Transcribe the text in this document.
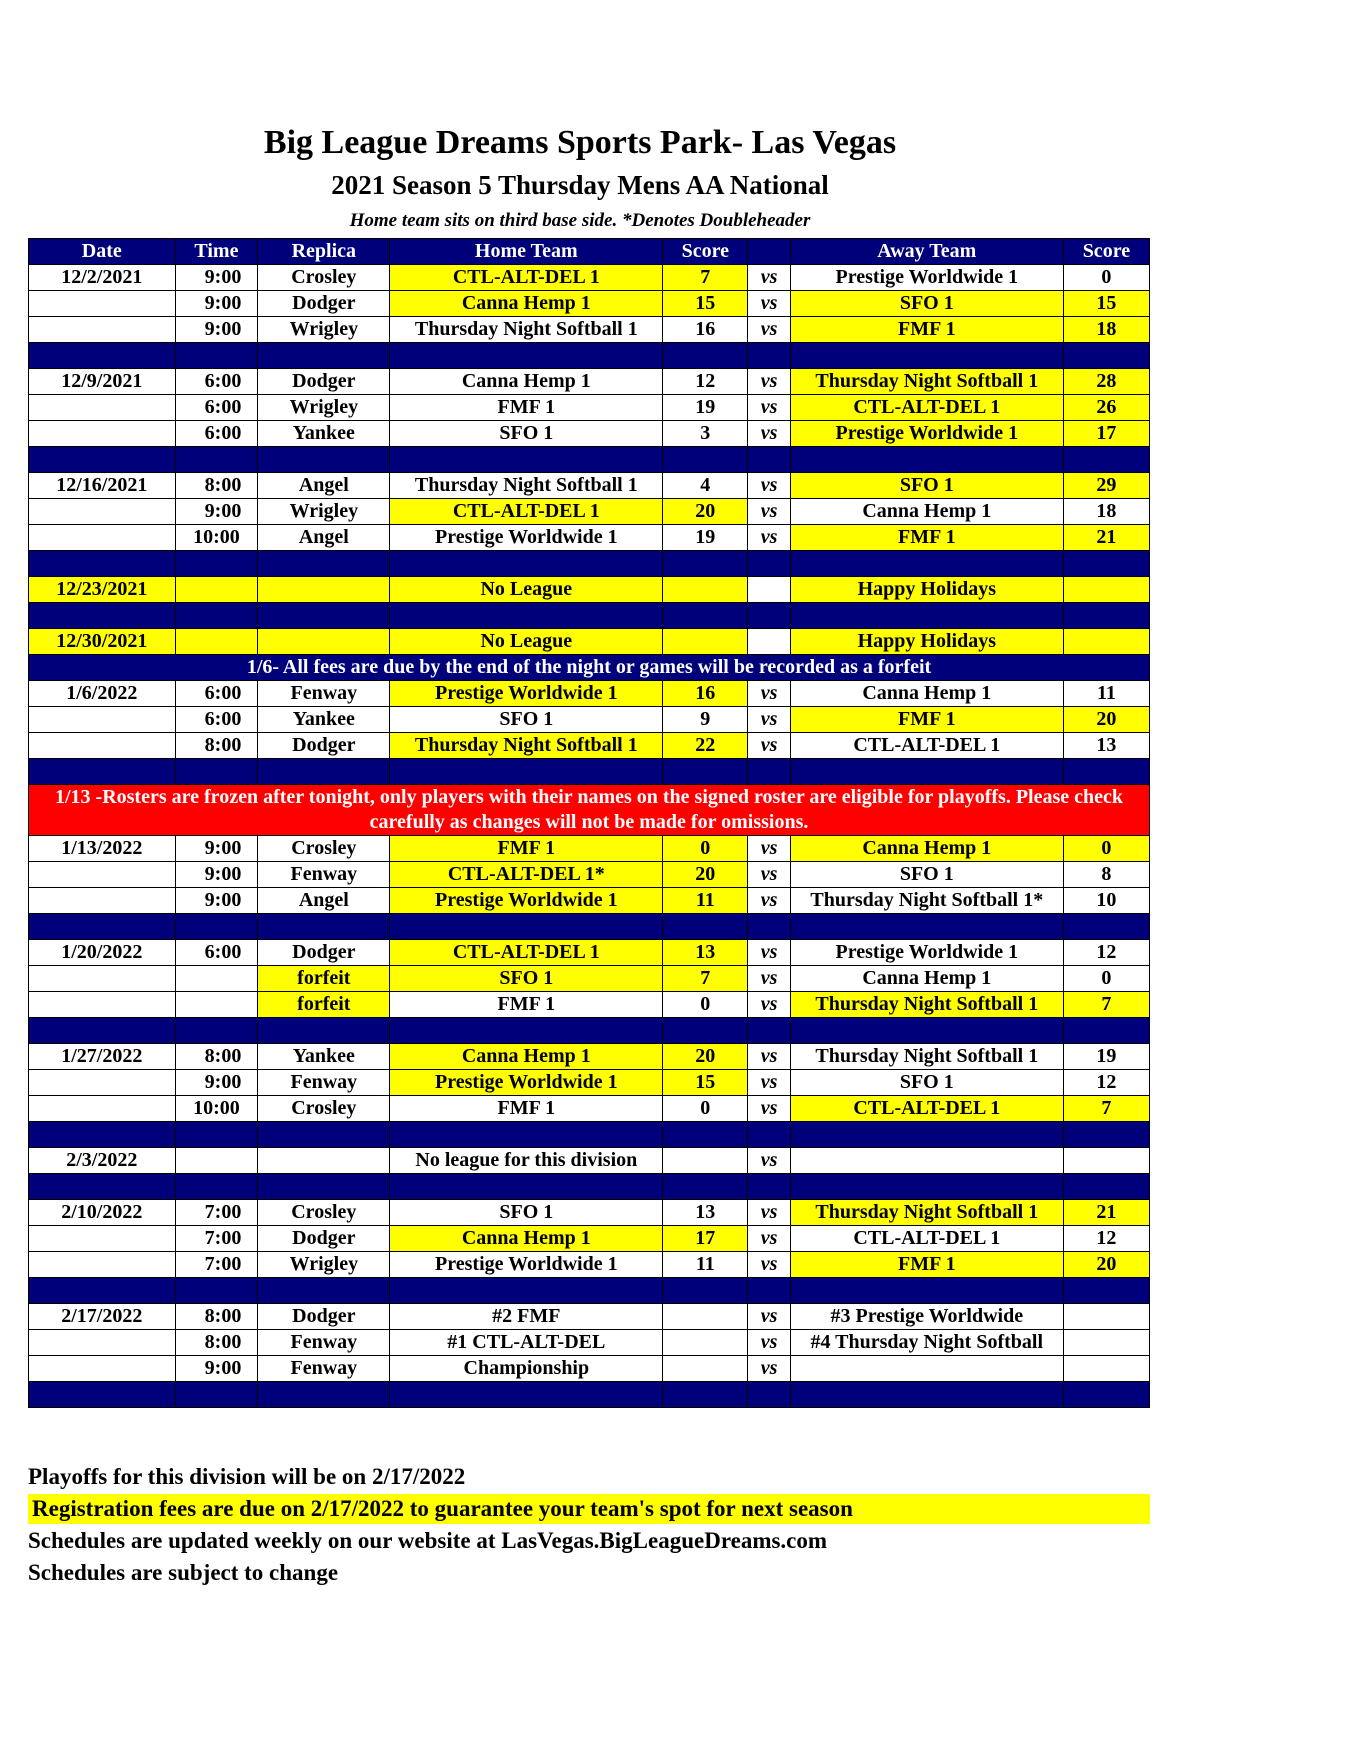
Big League Dreams Sports Park- Las Vegas
2021 Season 5 Thursday Mens AA National
Home team sits on third base side. *Denotes Doubleheader
Date	Time	Replica	Home Team	Score		Away Team	Score
12/2/2021	9:00	Crosley	CTL-ALT-DEL 1	7	vs	Prestige Worldwide 1	0
	9:00	Dodger	Canna Hemp 1	15	vs	SFO 1	15
	9:00	Wrigley	Thursday Night Softball 1	16	vs	FMF 1	18

12/9/2021	6:00	Dodger	Canna Hemp 1	12	vs	Thursday Night Softball 1	28
	6:00	Wrigley	FMF 1	19	vs	CTL-ALT-DEL 1	26
	6:00	Yankee	SFO 1	3	vs	Prestige Worldwide 1	17

12/16/2021	8:00	Angel	Thursday Night Softball 1	4	vs	SFO 1	29
	9:00	Wrigley	CTL-ALT-DEL 1	20	vs	Canna Hemp 1	18
	10:00	Angel	Prestige Worldwide 1	19	vs	FMF 1	21

12/23/2021			No League			Happy Holidays	

12/30/2021			No League			Happy Holidays	
1/6- All fees are due by the end of the night or games will be recorded as a forfeit							
1/6/2022	6:00	Fenway	Prestige Worldwide 1	16	vs	Canna Hemp 1	11
	6:00	Yankee	SFO 1	9	vs	FMF 1	20
	8:00	Dodger	Thursday Night Softball 1	22	vs	CTL-ALT-DEL 1	13

1/13 -Rosters are frozen after tonight, only players with their names on the signed roster are eligible for playoffs. Please check carefully as changes will not be made for omissions.							
1/13/2022	9:00	Crosley	FMF 1	0	vs	Canna Hemp 1	0
	9:00	Fenway	CTL-ALT-DEL 1*	20	vs	SFO 1	8
	9:00	Angel	Prestige Worldwide 1	11	vs	Thursday Night Softball 1*	10

1/20/2022	6:00	Dodger	CTL-ALT-DEL 1	13	vs	Prestige Worldwide 1	12
		forfeit	SFO 1	7	vs	Canna Hemp 1	0
		forfeit	FMF 1	0	vs	Thursday Night Softball 1	7

1/27/2022	8:00	Yankee	Canna Hemp 1	20	vs	Thursday Night Softball 1	19
	9:00	Fenway	Prestige Worldwide 1	15	vs	SFO 1	12
	10:00	Crosley	FMF 1	0	vs	CTL-ALT-DEL 1	7

2/3/2022			No league for this division		vs		

2/10/2022	7:00	Crosley	SFO 1	13	vs	Thursday Night Softball 1	21
	7:00	Dodger	Canna Hemp 1	17	vs	CTL-ALT-DEL 1	12
	7:00	Wrigley	Prestige Worldwide 1	11	vs	FMF 1	20

2/17/2022	8:00	Dodger	#2 FMF		vs	#3 Prestige Worldwide	
	8:00	Fenway	#1 CTL-ALT-DEL		vs	#4 Thursday Night Softball	
	9:00	Fenway	Championship		vs		

Playoffs for this division will be on 2/17/2022
Registration fees are due on 2/17/2022 to guarantee your team's spot for next season
Schedules are updated weekly on our website at LasVegas.BigLeagueDreams.com
Schedules are subject to change
